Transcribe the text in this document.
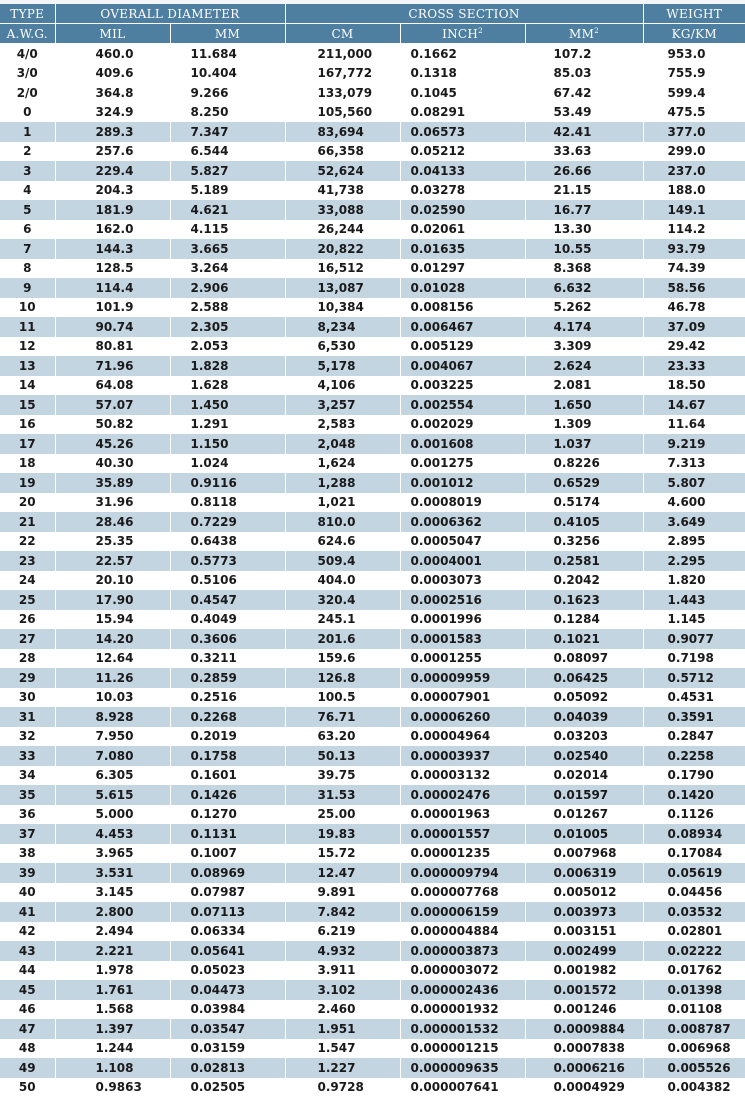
TYPE	OVERALL DIAMETER		CROSS SECTION			WEIGHT
A.W.G.	MIL	MM	CM	INCH$^2$	$MM^2$	KG/KM
4/0	460.0	11.684	211,000	0.1662	107.2	953.0
3/0	409.6	10.404	167,772	0.1318	85.03	755.9
2/0	364.8	9.266	133,079	0.1045	67.42	599.4
0	324.9	8.250	105,560	0.08291	53.49	475.5
1	289.3	7.347	83,694	0.06573	42.41	377.0
2	257.6	6.544	66,358	0.05212	33.63	299.0
3	229.4	5.827	52,624	0.04133	26.66	237.0
4	204.3	5.189	41,738	0.03278	21.15	188.0
5	181.9	4.621	33,088	0.02590	16.77	149.1
6	162.0	4.115	26,244	0.02061	13.30	114.2
7	144.3	3.665	20,822	0.01635	10.55	93.79
8	128.5	3.264	16,512	0.01297	8.368	74.39
9	114.4	2.906	13,087	0.01028	6.632	58.56
10	101.9	2.588	10,384	0.008156	5.262	46.78
11	90.74	2.305	8,234	0.006467	4.174	37.09
12	80.81	2.053	6,530	0.005129	3.309	29.42
13	71.96	1.828	5,178	0.004067	2.624	23.33
14	64.08	1.628	4,106	0.003225	2.081	18.50
15	57.07	1.450	3,257	0.002554	1.650	14.67
16	50.82	1.291	2,583	0.002029	1.309	11.64
17	45.26	1.150	2,048	0.001608	1.037	9.219
18	40.30	1.024	1,624	0.001275	0.8226	7.313
19	35.89	0.9116	1,288	0.001012	0.6529	5.807
20	31.96	0.8118	1,021	0.0008019	0.5174	4.600
21	28.46	0.7229	810.0	0.0006362	0.4105	3.649
22	25.35	0.6438	624.6	0.0005047	0.3256	2.895
23	22.57	0.5773	509.4	0.0004001	0.2581	2.295
24	20.10	0.5106	404.0	0.0003073	0.2042	1.820
25	17.90	0.4547	320.4	0.0002516	0.1623	1.443
26	15.94	0.4049	245.1	0.0001996	0.1284	1.145
27	14.20	0.3606	201.6	0.0001583	0.1021	0.9077
28	12.64	0.3211	159.6	0.0001255	0.08097	0.7198
29	11.26	0.2859	126.8	0.00009959	0.06425	0.5712
30	10.03	0.2516	100.5	0.00007901	0.05092	0.4531
31	8.928	0.2268	76.71	0.00006260	0.04039	0.3591
32	7.950	0.2019	63.20	0.00004964	0.03203	0.2847
33	7.080	0.1758	50.13	0.00003937	0.02540	0.2258
34	6.305	0.1601	39.75	0.00003132	0.02014	0.1790
35	5.615	0.1426	31.53	0.00002476	0.01597	0.1420
36	5.000	0.1270	25.00	0.00001963	0.01267	0.1126
37	4.453	0.1131	19.83	0.00001557	0.01005	0.08934
38	3.965	0.1007	15.72	0.00001235	0.007968	0.17084
39	3.531	0.08969	12.47	0.000009794	0.006319	0.05619
40	3.145	0.07987	9.891	0.000007768	0.005012	0.04456
41	2.800	0.07113	7.842	0.000006159	0.003973	0.03532
42	2.494	0.06334	6.219	0.000004884	0.003151	0.02801
43	2.221	0.05641	4.932	0.000003873	0.002499	0.02222
44	1.978	0.05023	3.911	0.000003072	0.001982	0.01762
45	1.761	0.04473	3.102	0.000002436	0.001572	0.01398
46	1.568	0.03984	2.460	0.000001932	0.001246	0.01108
47	1.397	0.03547	1.951	0.000001532	0.0009884	0.008787
48	1.244	0.03159	1.547	0.000001215	0.0007838	0.006968
49	1.108	0.02813	1.227	0.000009635	0.0006216	0.005526
50	0.9863	0.02505	0.9728	0.000007641	0.0004929	0.004382
